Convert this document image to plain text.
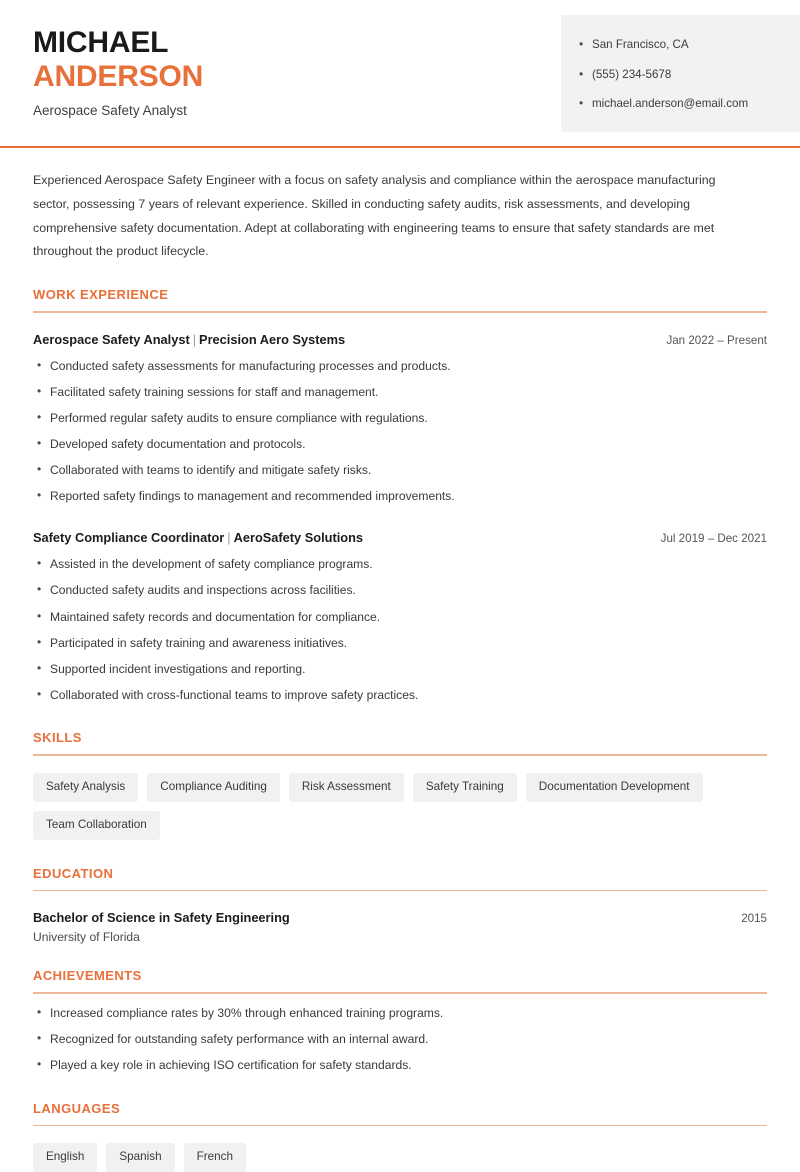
MICHAEL
ANDERSON
Aerospace Safety Analyst
• San Francisco, CA
• (555) 234-5678
• michael.anderson@email.com

Experienced Aerospace Safety Engineer with a focus on safety analysis and compliance within the aerospace manufacturing sector, possessing 7 years of relevant experience. Skilled in conducting safety audits, risk assessments, and developing comprehensive safety documentation. Adept at collaborating with engineering teams to ensure that safety standards are met throughout the product lifecycle.

WORK EXPERIENCE
Aerospace Safety Analyst | Precision Aero Systems	Jan 2022 – Present
• Conducted safety assessments for manufacturing processes and products.
• Facilitated safety training sessions for staff and management.
• Performed regular safety audits to ensure compliance with regulations.
• Developed safety documentation and protocols.
• Collaborated with teams to identify and mitigate safety risks.
• Reported safety findings to management and recommended improvements.
Safety Compliance Coordinator | AeroSafety Solutions	Jul 2019 – Dec 2021
• Assisted in the development of safety compliance programs.
• Conducted safety audits and inspections across facilities.
• Maintained safety records and documentation for compliance.
• Participated in safety training and awareness initiatives.
• Supported incident investigations and reporting.
• Collaborated with cross-functional teams to improve safety practices.
SKILLS
Safety Analysis	Compliance Auditing	Risk Assessment	Safety Training	Documentation Development
Team Collaboration
EDUCATION
Bachelor of Science in Safety Engineering	2015
University of Florida
ACHIEVEMENTS
• Increased compliance rates by 30% through enhanced training programs.
• Recognized for outstanding safety performance with an internal award.
• Played a key role in achieving ISO certification for safety standards.
LANGUAGES
English	Spanish	French
